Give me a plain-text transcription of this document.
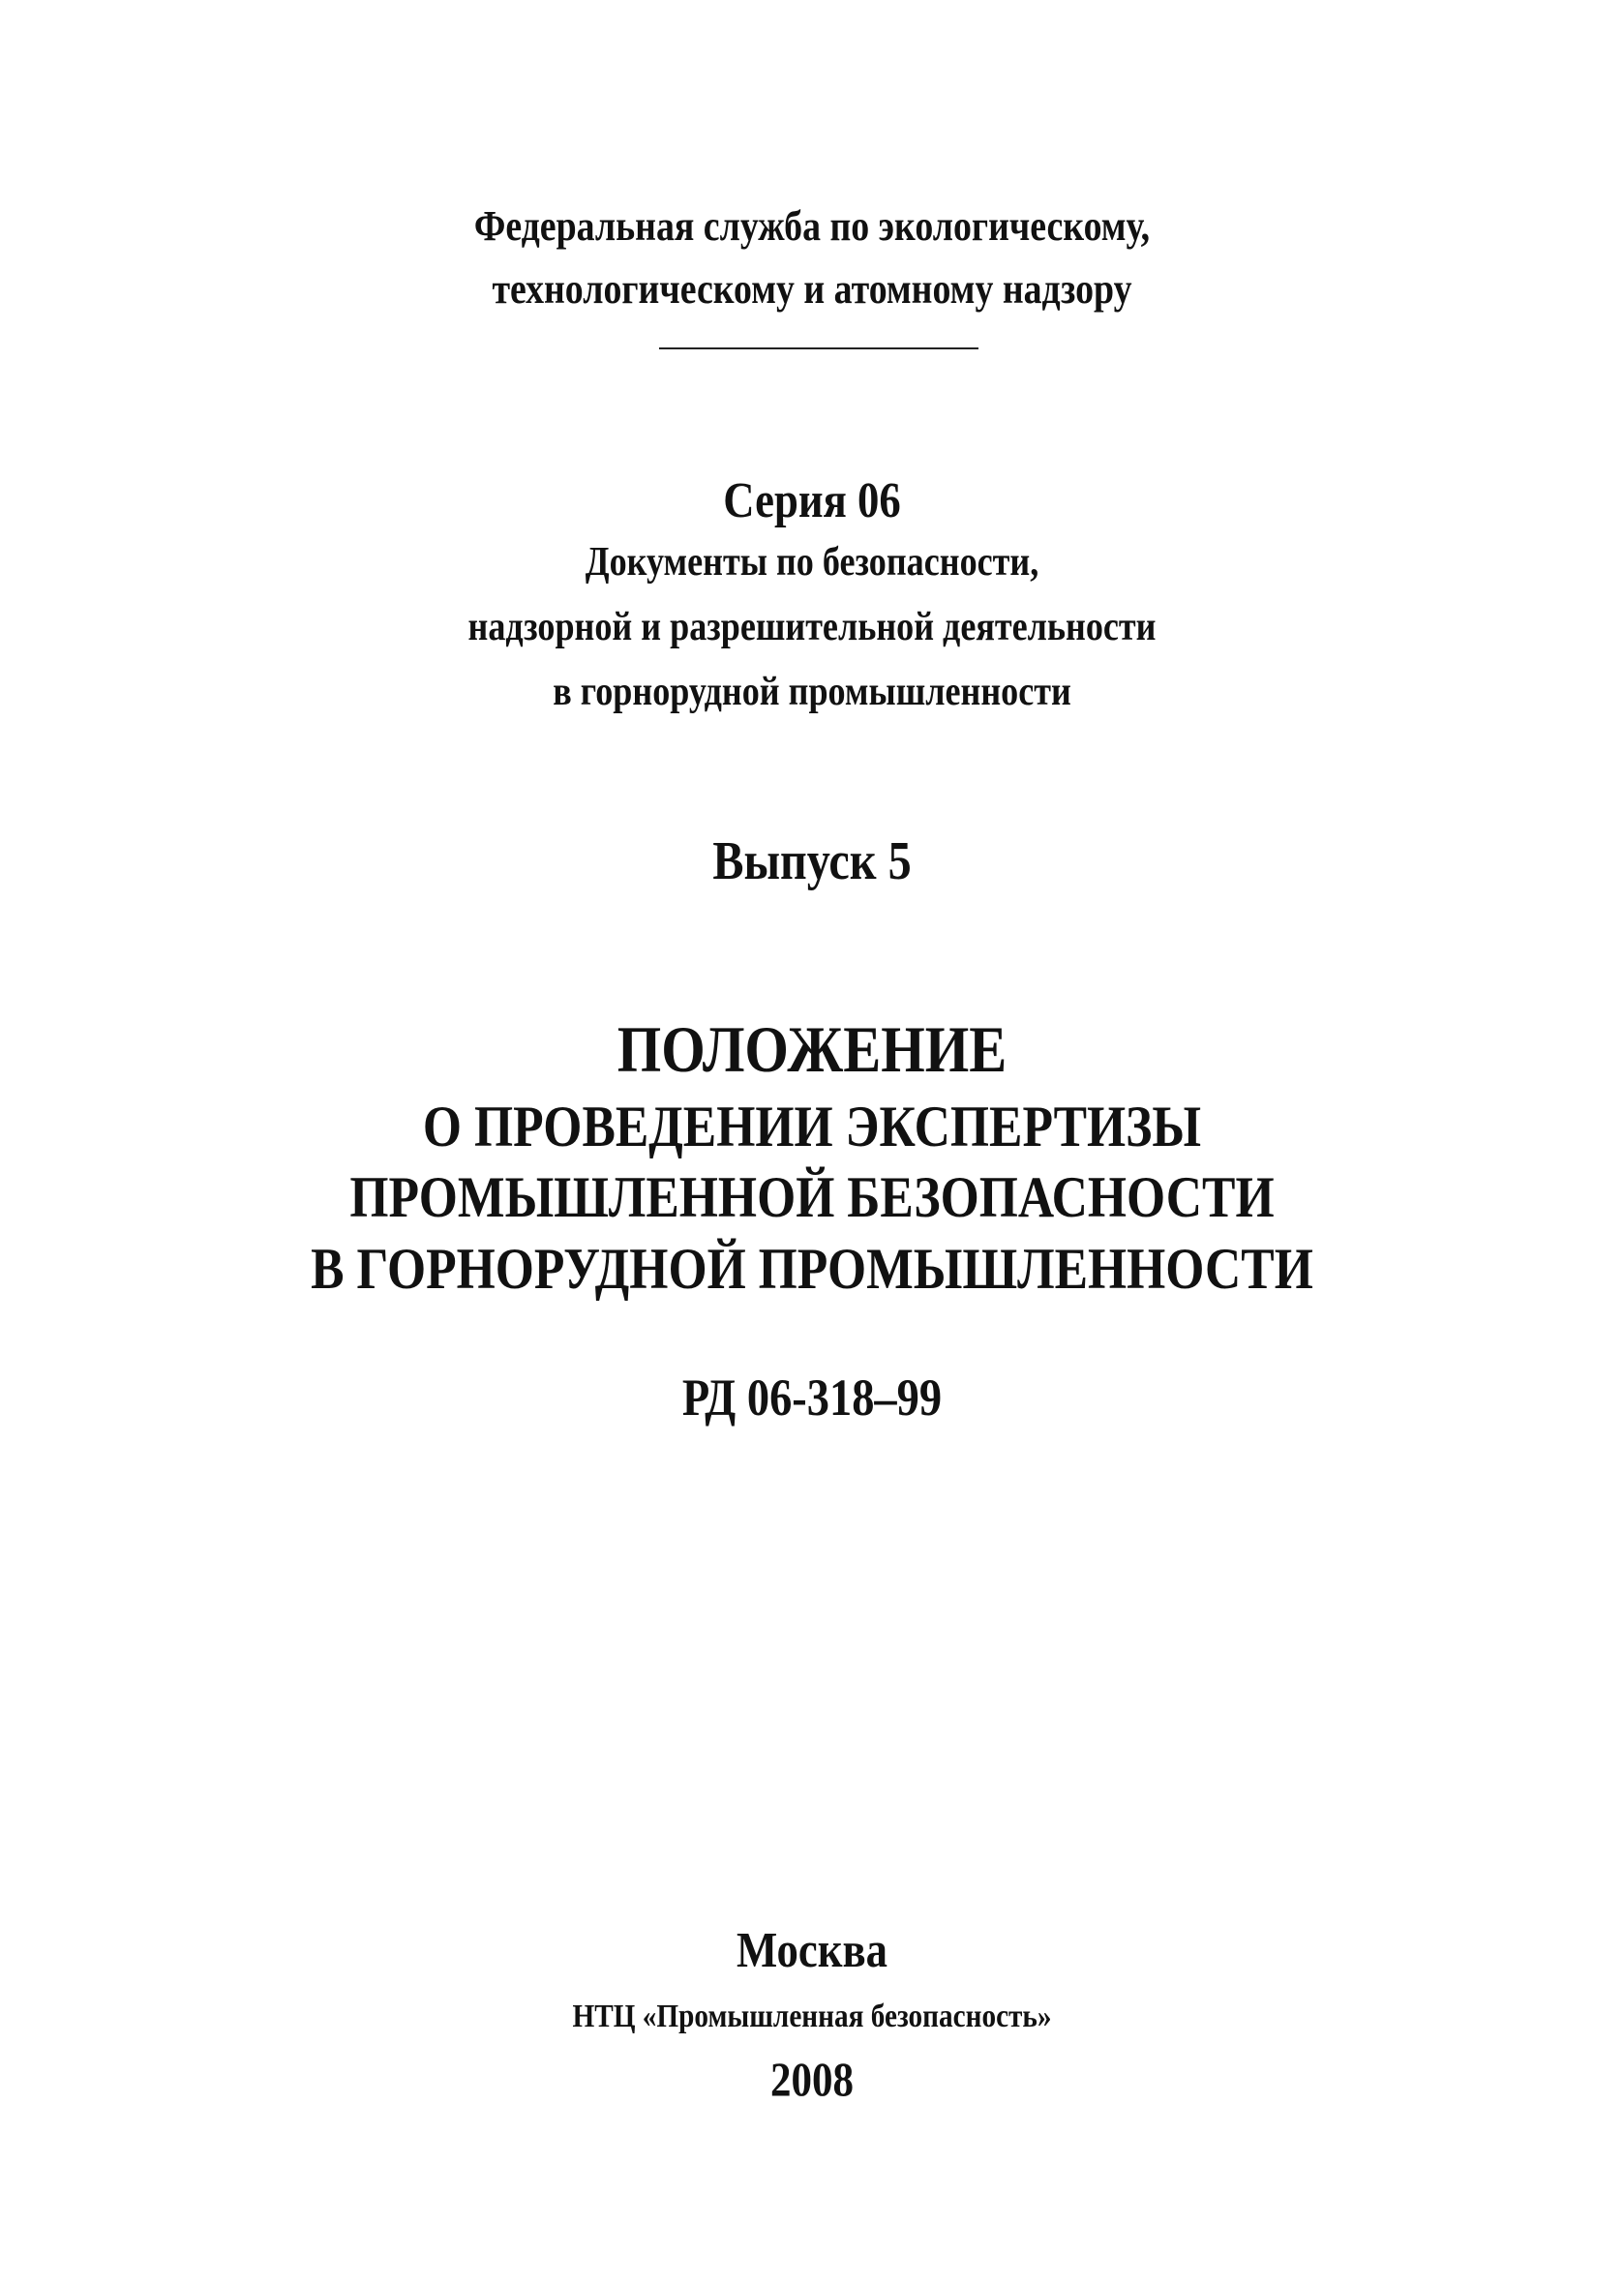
Федеральная служба по экологическому,
технологическому и атомному надзору
Серия 06
Документы по безопасности,
надзорной и разрешительной деятельности
в горнорудной промышленности
Выпуск 5
ПОЛОЖЕНИЕ
О ПРОВЕДЕНИИ ЭКСПЕРТИЗЫ
ПРОМЫШЛЕННОЙ БЕЗОПАСНОСТИ
В ГОРНОРУДНОЙ ПРОМЫШЛЕННОСТИ
РД 06-318–99
Москва
НТЦ «Промышленная безопасность»
2008
